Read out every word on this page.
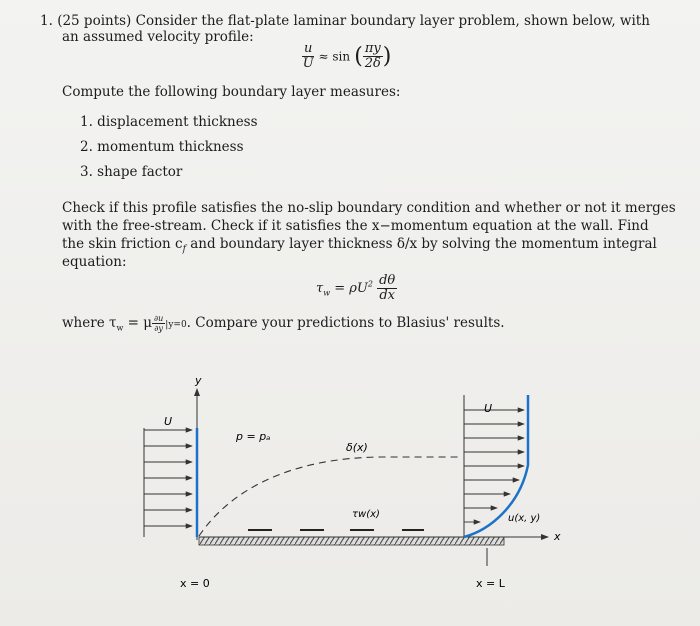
1. (25 points) Consider the flat-plate laminar boundary layer problem, shown below, with
an assumed velocity profile:
$\frac{u}{U} \approx \sin$ ( $\frac{\pi y}{2\delta}$ )
Compute the following boundary layer measures:
1. displacement thickness
2. momentum thickness
3. shape factor
Check if this profile satisfies the no-slip boundary condition and whether or not it merges
with the free-stream. Check if it satisfies the x−momentum equation at the wall. Find
the skin friction $c_f$ and boundary layer thickness δ/x by solving the momentum integral
equation:
$\tau_w = \rho U^2 \frac{d\theta}{dx}$
where $\tau_w = \mu \frac{\partial u}{\partial y} |y=0$. Compare your predictions to Blasius' results.
y
x
U
U
p = pₐ
δ(x)
τw(x)	u(x, y)
x = 0	x = L
